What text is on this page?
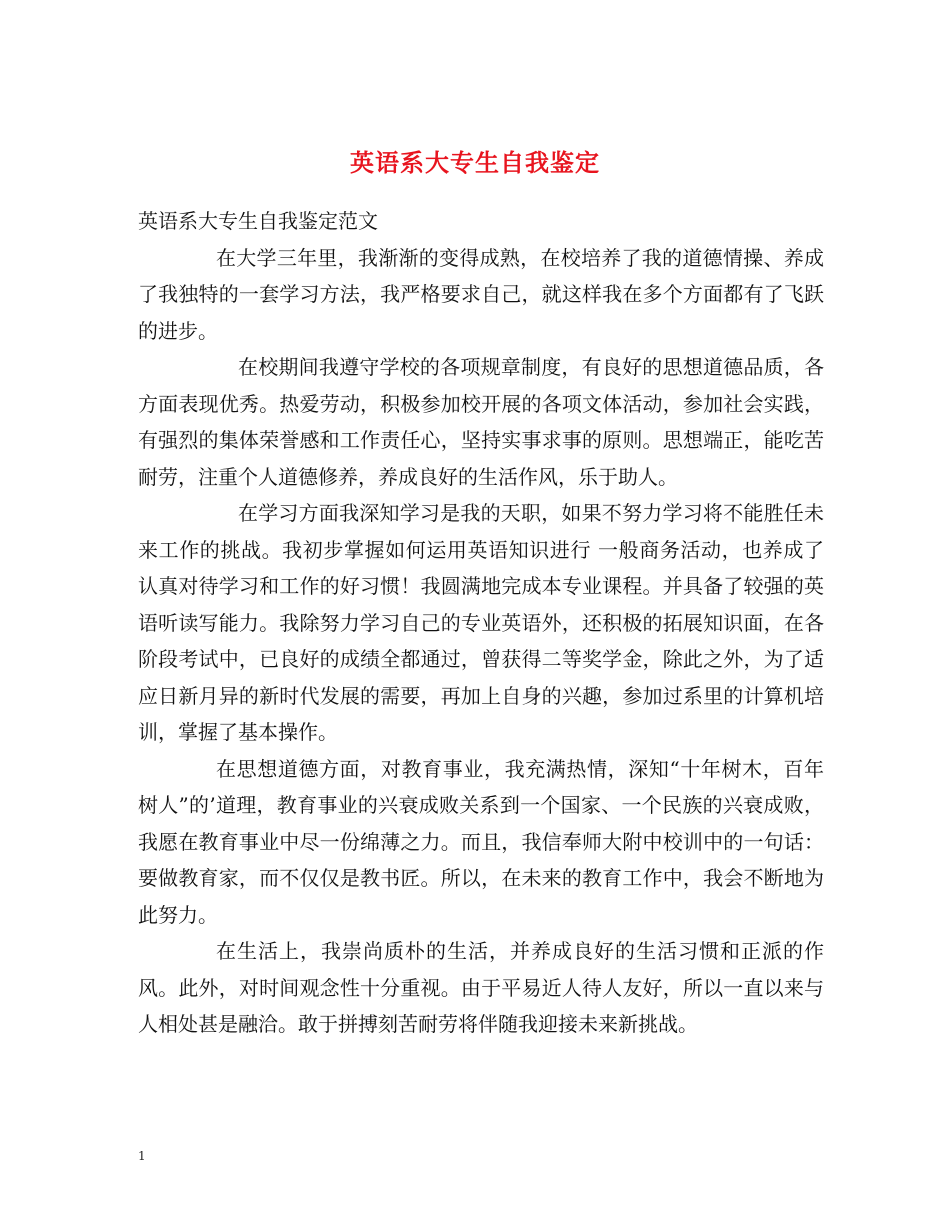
英语系大专生自我鉴定

英语系大专生自我鉴定范文

在大学三年里，我渐渐的变得成熟，在校培养了我的道德情操、养成了我独特的一套学习方法，我严格要求自己，就这样我在多个方面都有了飞跃的进步。

在校期间我遵守学校的各项规章制度，有良好的思想道德品质，各方面表现优秀。热爱劳动，积极参加校开展的各项文体活动，参加社会实践，有强烈的集体荣誉感和工作责任心，坚持实事求事的原则。思想端正，能吃苦耐劳，注重个人道德修养，养成良好的生活作风，乐于助人。

在学习方面我深知学习是我的天职，如果不努力学习将不能胜任未来工作的挑战。我初步掌握如何运用英语知识进行 一般商务活动，也养成了认真对待学习和工作的好习惯！我圆满地完成本专业课程。并具备了较强的英语听读写能力。我除努力学习自己的专业英语外，还积极的拓展知识面，在各阶段考试中，已良好的成绩全都通过，曾获得二等奖学金，除此之外，为了适应日新月异的新时代发展的需要，再加上自身的兴趣，参加过系里的计算机培训，掌握了基本操作。

在思想道德方面，对教育事业，我充满热情，深知“十年树木，百年树人”的’道理，教育事业的兴衰成败关系到一个国家、一个民族的兴衰成败，我愿在教育事业中尽一份绵薄之力。而且，我信奉师大附中校训中的一句话：要做教育家，而不仅仅是教书匠。所以，在未来的教育工作中，我会不断地为此努力。

在生活上，我崇尚质朴的生活，并养成良好的生活习惯和正派的作风。此外，对时间观念性十分重视。由于平易近人待人友好，所以一直以来与人相处甚是融洽。敢于拼搏刻苦耐劳将伴随我迎接未来新挑战。

1
